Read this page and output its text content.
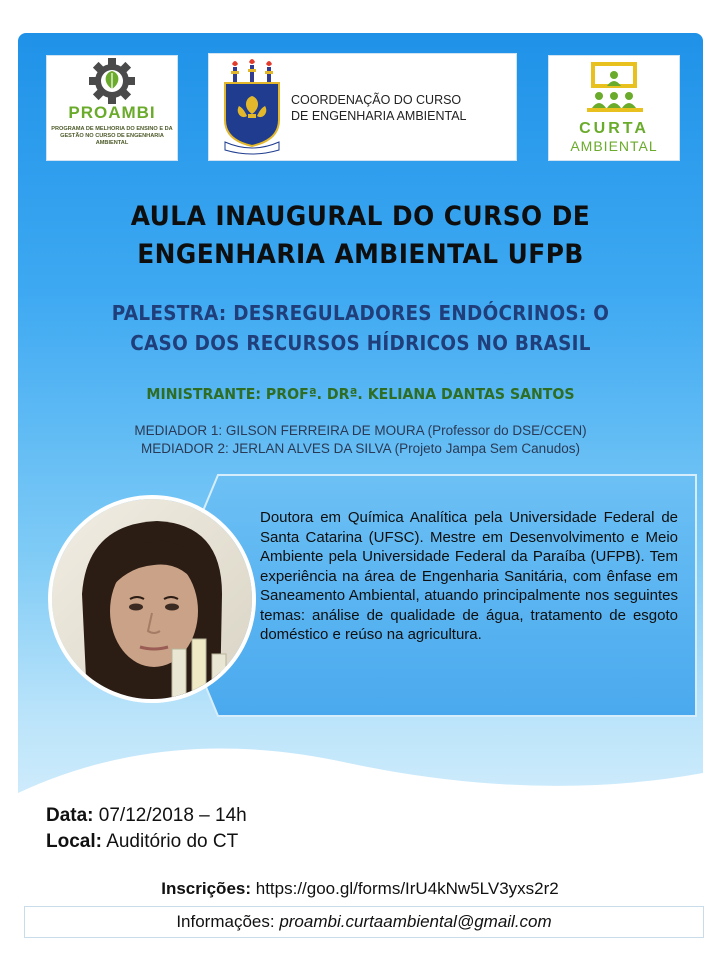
PROAMBI
PROGRAMA DE MELHORIA DO ENSINO E DA GESTÃO NO CURSO DE ENGENHARIA AMBIENTAL
COORDENAÇÃO DO CURSO
DE ENGENHARIA AMBIENTAL
CURTA
AMBIENTAL
AULA INAUGURAL DO CURSO DE
ENGENHARIA AMBIENTAL UFPB
PALESTRA: DESREGULADORES ENDÓCRINOS: O
CASO DOS RECURSOS HÍDRICOS NO BRASIL
MINISTRANTE: PROFª. DRª. KELIANA DANTAS SANTOS
MEDIADOR 1: GILSON FERREIRA DE MOURA (Professor do DSE/CCEN)
MEDIADOR 2: JERLAN ALVES DA SILVA (Projeto Jampa Sem Canudos)
Doutora em Química Analítica pela Universidade Federal de Santa Catarina (UFSC). Mestre em Desenvolvimento e Meio Ambiente pela Universidade Federal da Paraíba (UFPB). Tem experiência na área de Engenharia Sanitária, com ênfase em Saneamento Ambiental, atuando principalmente nos seguintes temas: análise de qualidade de água, tratamento de esgoto doméstico e reúso na agricultura.
Data: 07/12/2018 – 14h
Local: Auditório do CT
Inscrições: https://goo.gl/forms/IrU4kNw5LV3yxs2r2
Informações: proambi.curtaambiental@gmail.com
